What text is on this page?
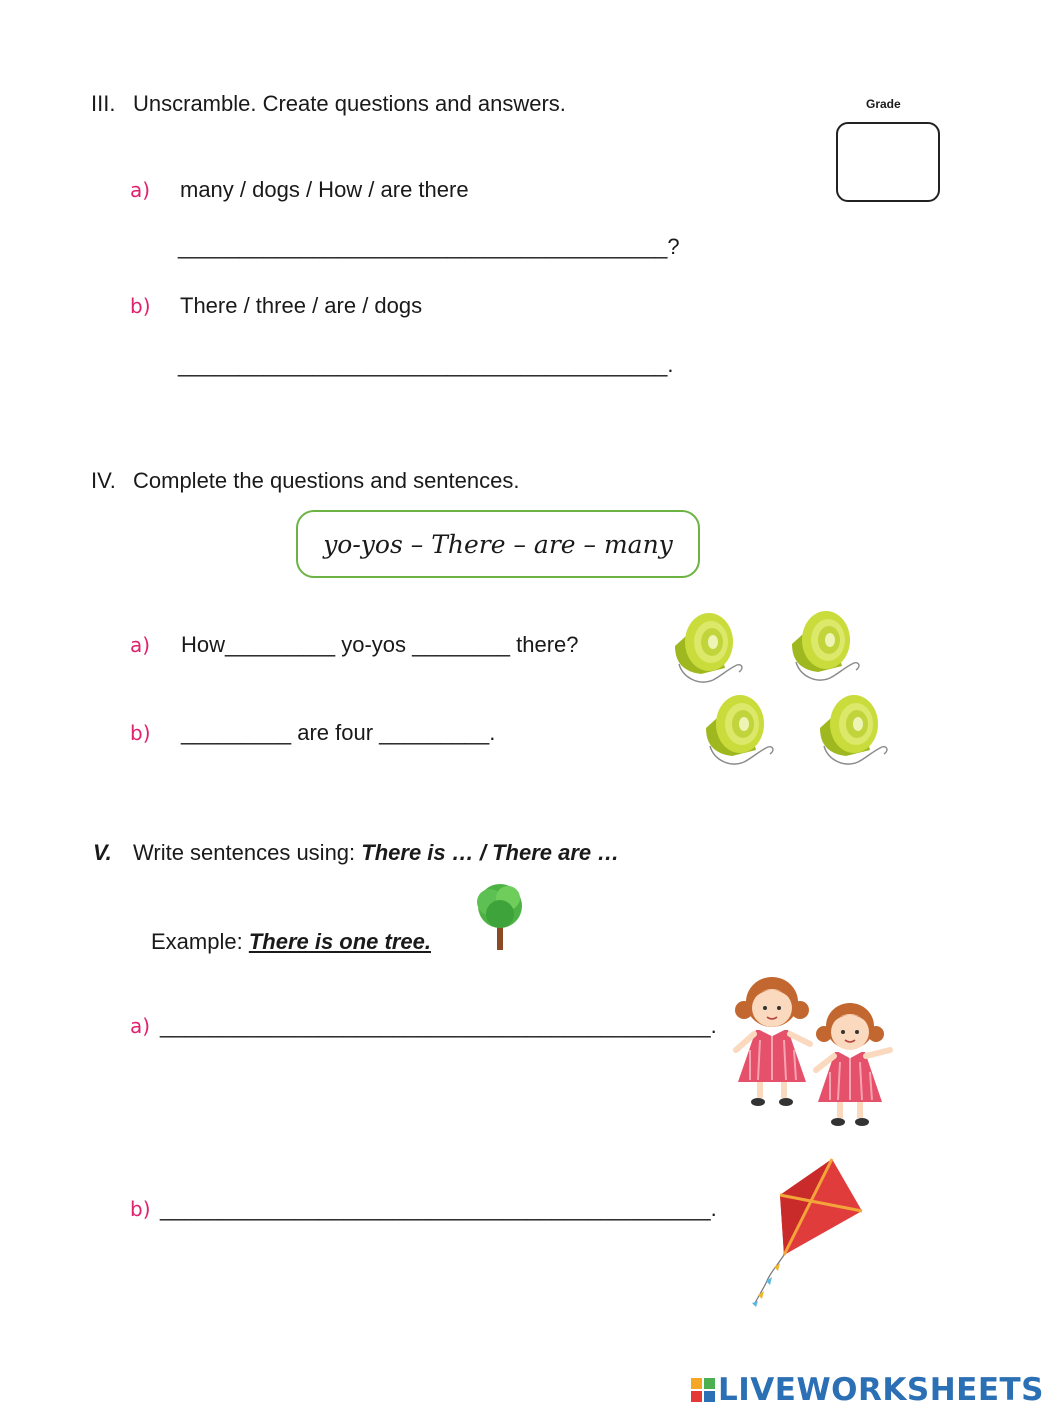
III. Unscramble. Create questions and answers.	Grade
a) many / dogs / How / are there
________________________________________?
b) There / three / are / dogs
________________________________________.
IV. Complete the questions and sentences.
yo-yos – There – are – many
a) How_________ yo-yos ________ there?
b) _________ are four _________.
V. Write sentences using: There is … / There are …
Example: There is one tree.
a) _____________________________________________.
b) _____________________________________________.
LIVEWORKSHEETS
